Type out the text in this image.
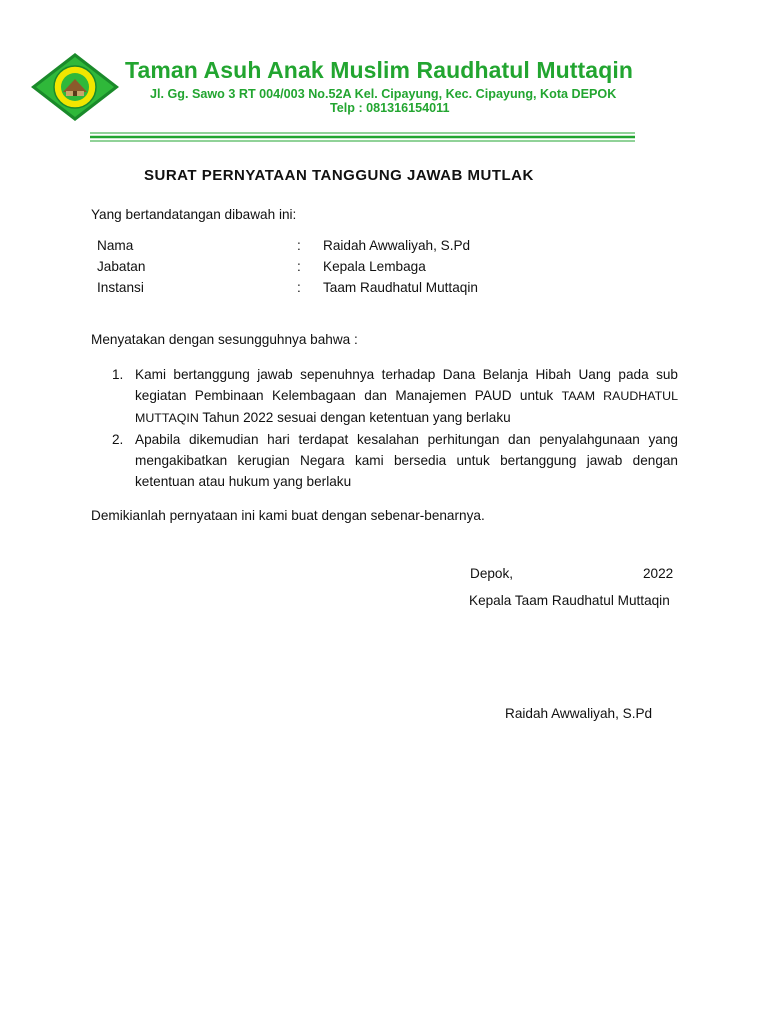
Taman Asuh Anak Muslim Raudhatul Muttaqin
Jl. Gg. Sawo 3 RT 004/003 No.52A Kel. Cipayung, Kec. Cipayung, Kota DEPOK
Telp : 081316154011
SURAT PERNYATAAN TANGGUNG JAWAB MUTLAK
Yang bertandatangan dibawah ini:
Nama	: Raidah Awwaliyah, S.Pd
Jabatan	: Kepala Lembaga
Instansi	: Taam Raudhatul Muttaqin
Menyatakan dengan sesungguhnya bahwa :
1. Kami bertanggung jawab sepenuhnya terhadap Dana Belanja Hibah Uang pada sub kegiatan Pembinaan Kelembagaan dan Manajemen PAUD untuk TAAM RAUDHATUL MUTTAQIN Tahun 2022 sesuai dengan ketentuan yang berlaku
2. Apabila dikemudian hari terdapat kesalahan perhitungan dan penyalahgunaan yang mengakibatkan kerugian Negara kami bersedia untuk bertanggung jawab dengan ketentuan atau hukum yang berlaku
Demikianlah pernyataan ini kami buat dengan sebenar-benarnya.
Depok,	2022
Kepala Taam Raudhatul Muttaqin
Raidah Awwaliyah, S.Pd
